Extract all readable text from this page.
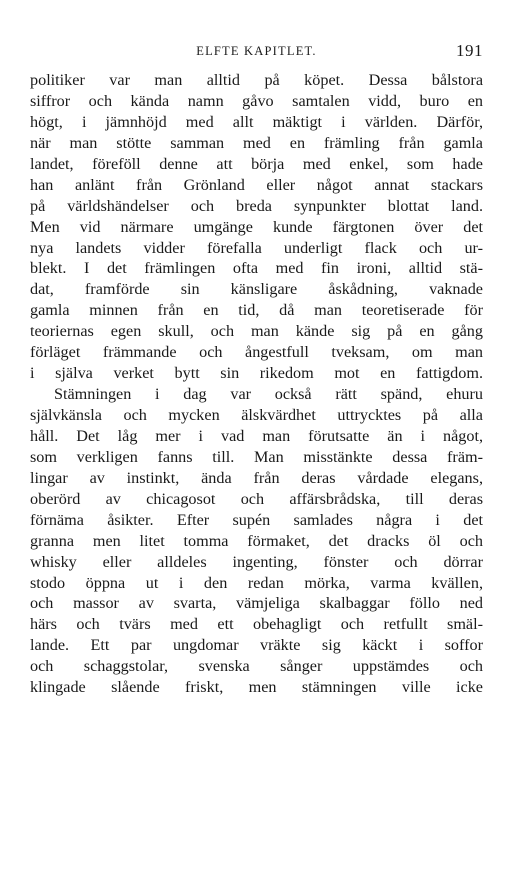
ELFTE KAPITLET.	191
politiker var man alltid på köpet. Dessa bålstora
siffror och kända namn gåvo samtalen vidd, buro en
högt, i jämnhöjd med allt mäktigt i världen. Därför,
när man stötte samman med en främling från gamla
landet, föreföll denne att börja med enkel, som hade
han anlänt från Grönland eller något annat stackars
på världshändelser och breda synpunkter blottat land.
Men vid närmare umgänge kunde färgtonen över det
nya landets vidder förefalla underligt flack och ur-
blekt. I det främlingen ofta med fin ironi, alltid stä-
dat, framförde sin känsligare åskådning, vaknade
gamla minnen från en tid, då man teoretiserade för
teoriernas egen skull, och man kände sig på en gång
förläget främmande och ångestfull tveksam, om man
i själva verket bytt sin rikedom mot en fattigdom.
Stämningen i dag var också rätt spänd, ehuru
självkänsla och mycken älskvärdhet uttrycktes på alla
håll. Det låg mer i vad man förutsatte än i något,
som verkligen fanns till. Man misstänkte dessa främ-
lingar av instinkt, ända från deras vårdade elegans,
oberörd av chicagosot och affärsbrådska, till deras
förnäma åsikter. Efter supén samlades några i det
granna men litet tomma förmaket, det dracks öl och
whisky eller alldeles ingenting, fönster och dörrar
stodo öppna ut i den redan mörka, varma kvällen,
och massor av svarta, vämjeliga skalbaggar föllo ned
härs och tvärs med ett obehagligt och retfullt smäl-
lande. Ett par ungdomar vräkte sig käckt i soffor
och schaggstolar, svenska sånger uppstämdes och
klingade slående friskt, men stämningen ville icke
